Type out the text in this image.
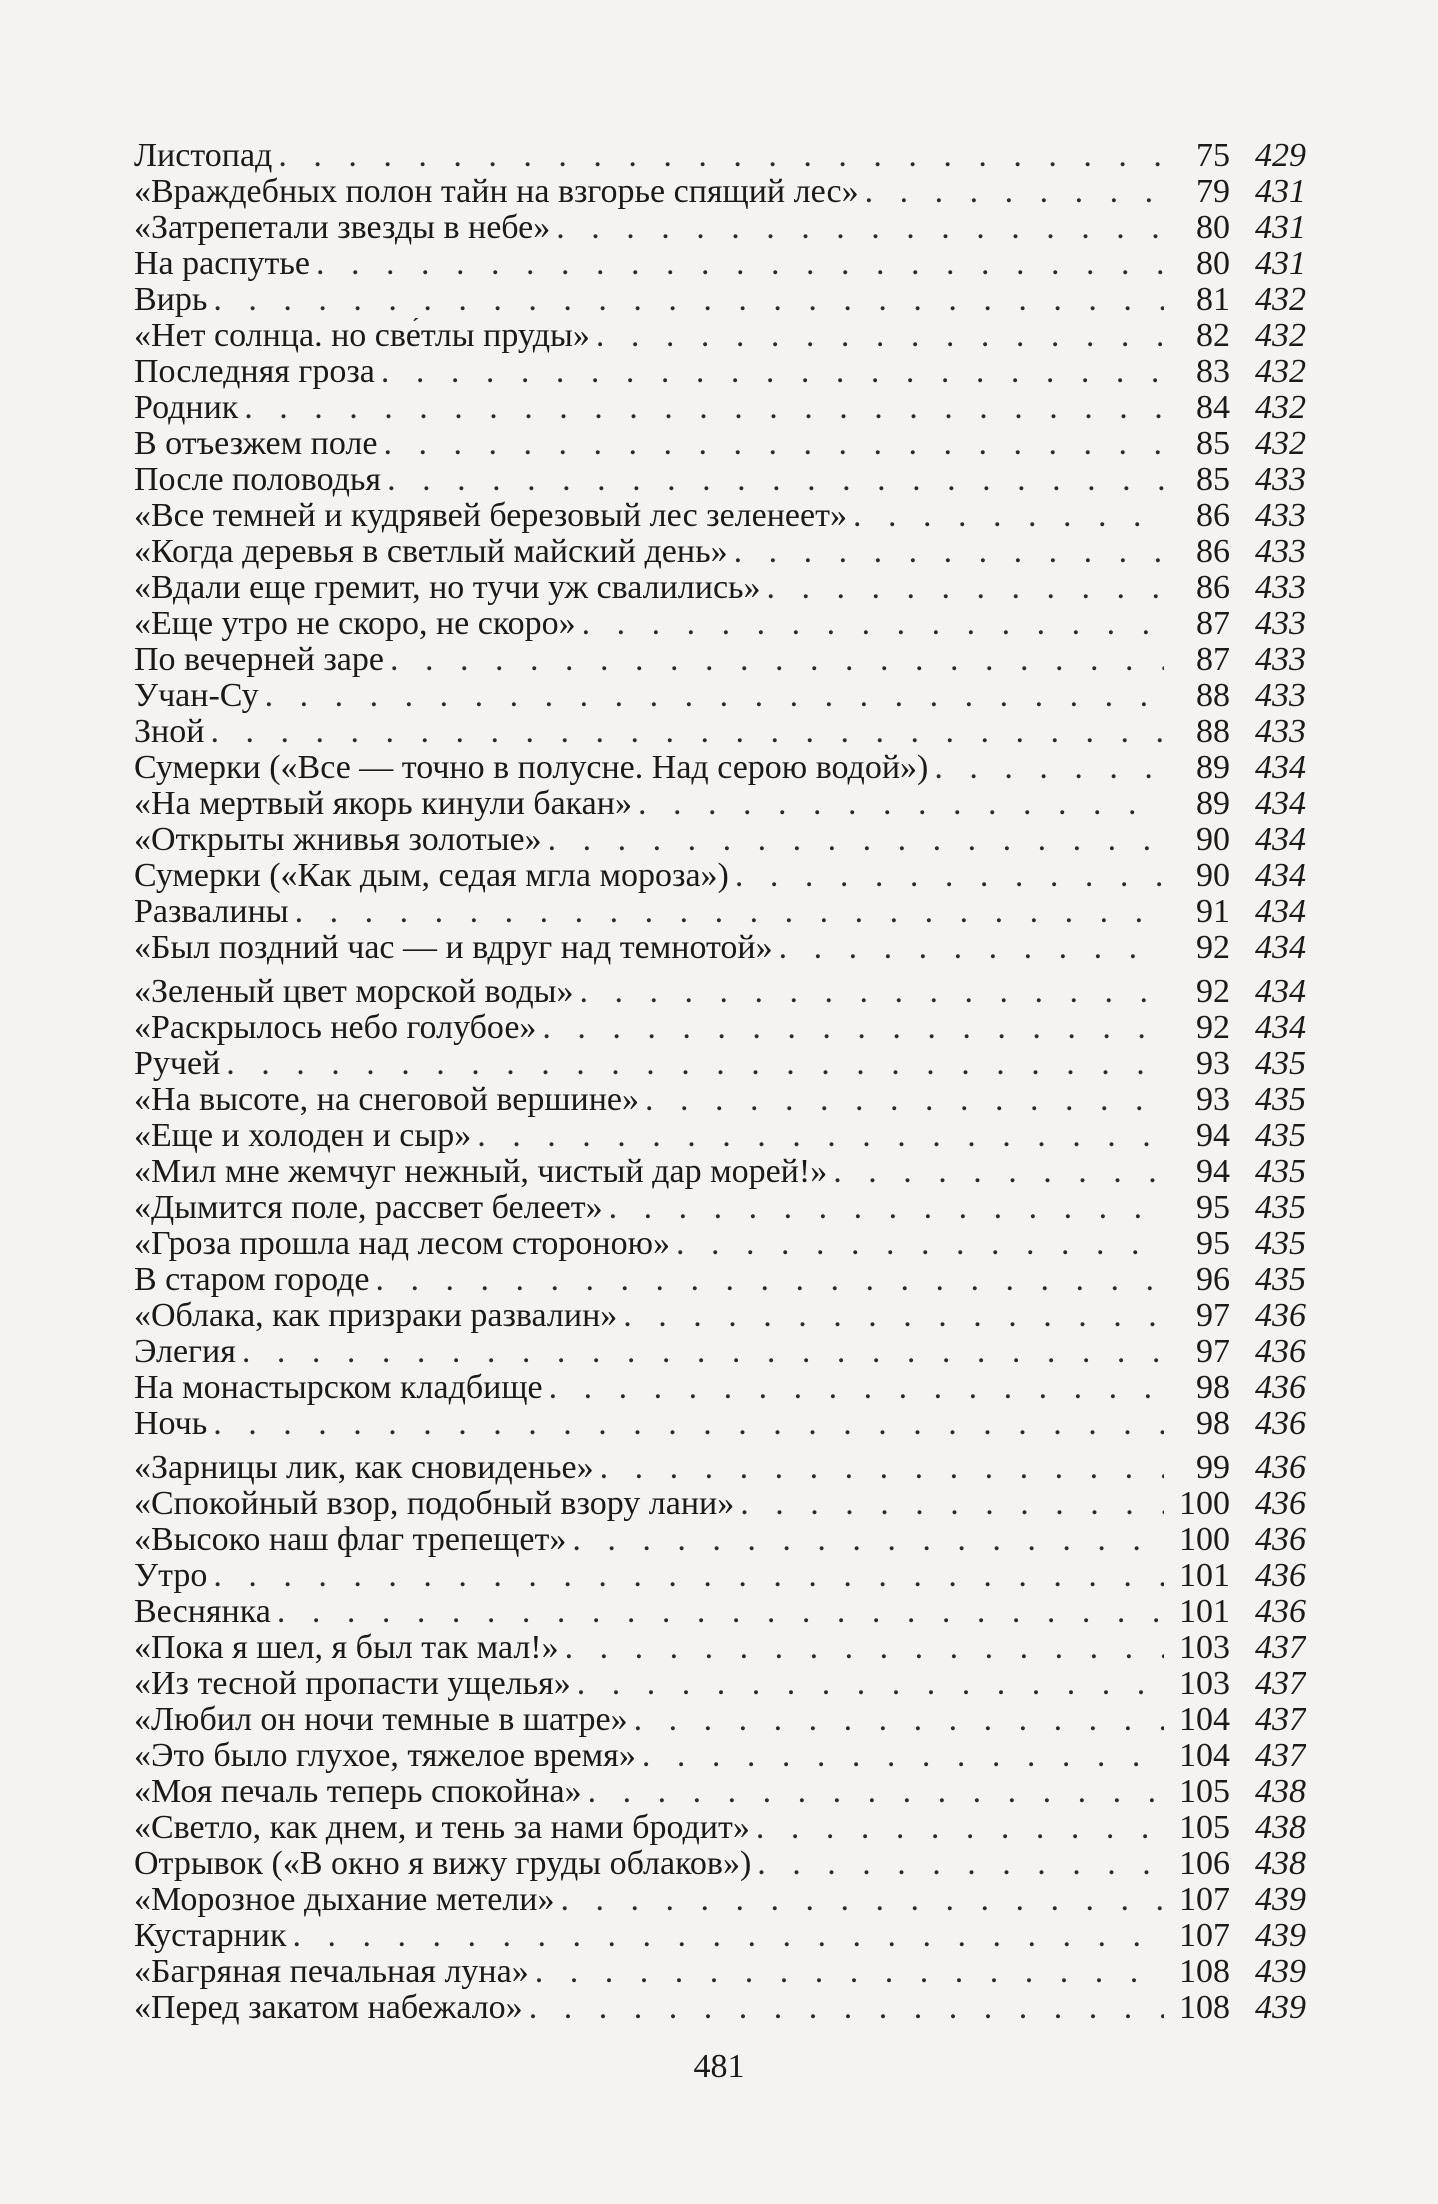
Листопад . . .	75 429
«Враждебных полон тайн на взгорье спящий лес» . . .	79 431
«Затрепетали звезды в небе» . . .	80 431
На распутье . . .	80 431
Вирь . . .	81 432
«Нет солнца. но све́тлы пруды» . . .	82 432
Последняя гроза . . .	83 432
Родник . . .	84 432
В отъезжем поле . . .	85 432
После половодья . . .	85 433
«Все темней и кудрявей березовый лес зеленеет» . . .	86 433
«Когда деревья в светлый майский день» . . .	86 433
«Вдали еще гремит, но тучи уж свалились» . . .	86 433
«Еще утро не скоро, не скоро» . . .	87 433
По вечерней заре . . .	87 433
Учан-Су . . .	88 433
Зной . . .	88 433
Сумерки («Все — точно в полусне. Над серою водой») . . .	89 434
«На мертвый якорь кинули бакан» . . .	89 434
«Открыты жнивья золотые» . . .	90 434
Сумерки («Как дым, седая мгла мороза») . . .	90 434
Развалины . . .	91 434
«Был поздний час — и вдруг над темнотой» . . .	92 434
«Зеленый цвет морской воды» . . .	92 434
«Раскрылось небо голубое» . . .	92 434
Ручей . . .	93 435
«На высоте, на снеговой вершине» . . .	93 435
«Еще и холоден и сыр» . . .	94 435
«Мил мне жемчуг нежный, чистый дар морей!» . . .	94 435
«Дымится поле, рассвет белеет» . . .	95 435
«Гроза прошла над лесом стороною» . . .	95 435
В старом городе . . .	96 435
«Облака, как призраки развалин» . . .	97 436
Элегия . . .	97 436
На монастырском кладбище . . .	98 436
Ночь . . .	98 436
«Зарницы лик, как сновиденье» . . .	99 436
«Спокойный взор, подобный взору лани» . . .	100 436
«Высоко наш флаг трепещет» . . .	100 436
Утро . . .	101 436
Веснянка . . .	101 436
«Пока я шел, я был так мал!» . . .	103 437
«Из тесной пропасти ущелья» . . .	103 437
«Любил он ночи темные в шатре» . . .	104 437
«Это было глухое, тяжелое время» . . .	104 437
«Моя печаль теперь спокойна» . . .	105 438
«Светло, как днем, и тень за нами бродит» . . .	105 438
Отрывок («В окно я вижу груды облаков») . . .	106 438
«Морозное дыхание метели» . . .	107 439
Кустарник . . .	107 439
«Багряная печальная луна» . . .	108 439
«Перед закатом набежало» . . .	108 439
481
